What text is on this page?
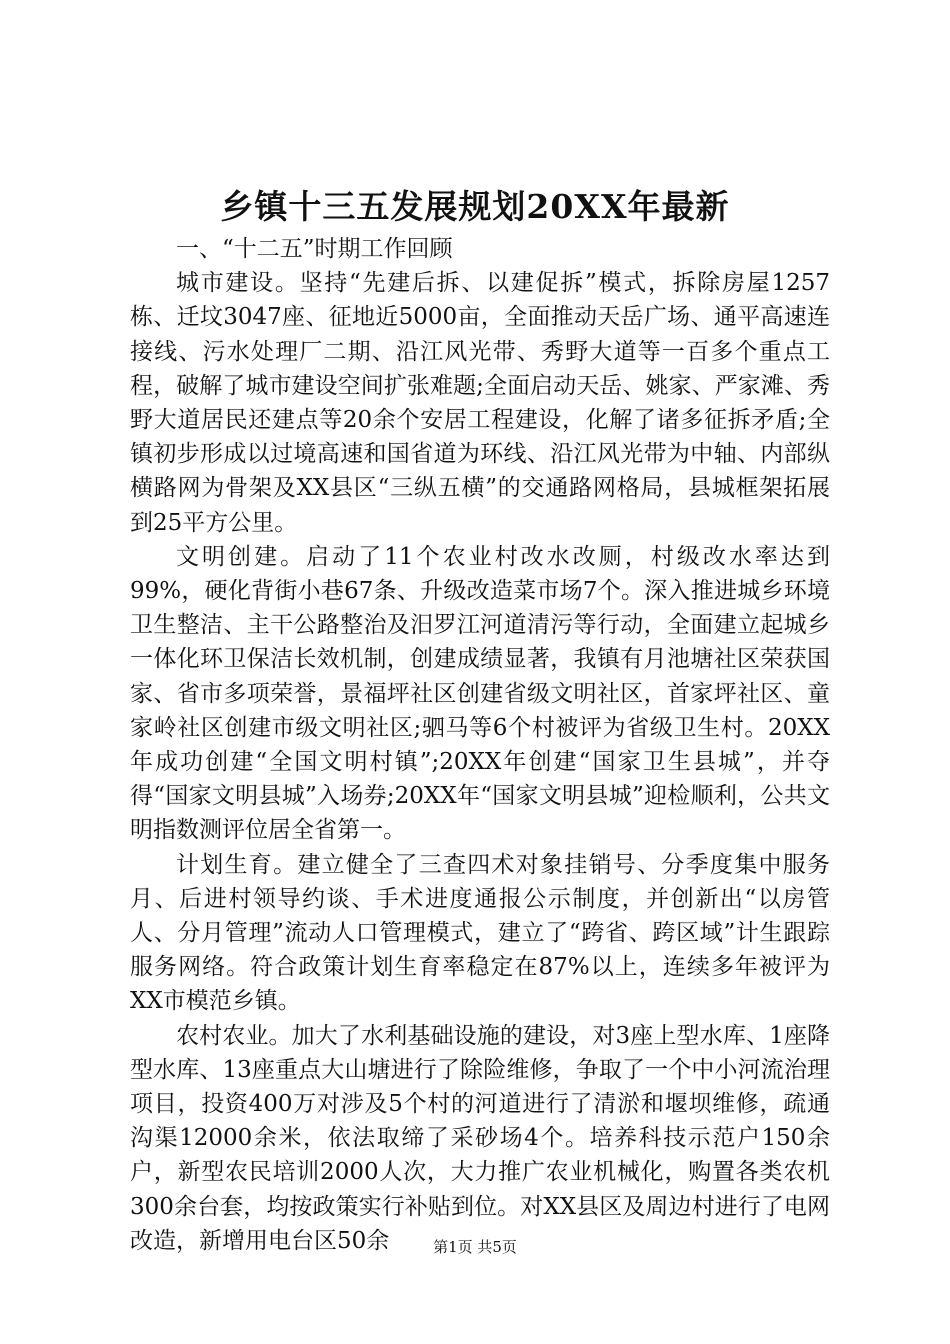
乡镇十三五发展规划20XX年最新

一、“十二五”时期工作回顾

城市建设。坚持“先建后拆、以建促拆”模式，拆除房屋1257栋、迁坟3047座、征地近5000亩，全面推动天岳广场、通平高速连接线、污水处理厂二期、沿江风光带、秀野大道等一百多个重点工程，破解了城市建设空间扩张难题;全面启动天岳、姚家、严家滩、秀野大道居民还建点等20余个安居工程建设，化解了诸多征拆矛盾;全镇初步形成以过境高速和国省道为环线、沿江风光带为中轴、内部纵横路网为骨架及XX县区“三纵五横”的交通路网格局，县城框架拓展到25平方公里。

文明创建。启动了11个农业村改水改厕，村级改水率达到99%，硬化背街小巷67条、升级改造菜市场7个。深入推进城乡环境卫生整洁、主干公路整治及汨罗江河道清污等行动，全面建立起城乡一体化环卫保洁长效机制，创建成绩显著，我镇有月池塘社区荣获国家、省市多项荣誉，景福坪社区创建省级文明社区，首家坪社区、童家岭社区创建市级文明社区;驷马等6个村被评为省级卫生村。20XX年成功创建“全国文明村镇”;20XX年创建“国家卫生县城”，并夺得“国家文明县城”入场券;20XX年“国家文明县城”迎检顺利，公共文明指数测评位居全省第一。

计划生育。建立健全了三查四术对象挂销号、分季度集中服务月、后进村领导约谈、手术进度通报公示制度，并创新出“以房管人、分月管理”流动人口管理模式，建立了“跨省、跨区域”计生跟踪服务网络。符合政策计划生育率稳定在87%以上，连续多年被评为XX市模范乡镇。

农村农业。加大了水利基础设施的建设，对3座上型水库、1座降型水库、13座重点大山塘进行了除险维修，争取了一个中小河流治理项目，投资400万对涉及5个村的河道进行了清淤和堰坝维修，疏通沟渠12000余米，依法取缔了采砂场4个。培养科技示范户150余户，新型农民培训2000人次，大力推广农业机械化，购置各类农机300余台套，均按政策实行补贴到位。对XX县区及周边村进行了电网改造，新增用电台区50余	第1页 共5页
